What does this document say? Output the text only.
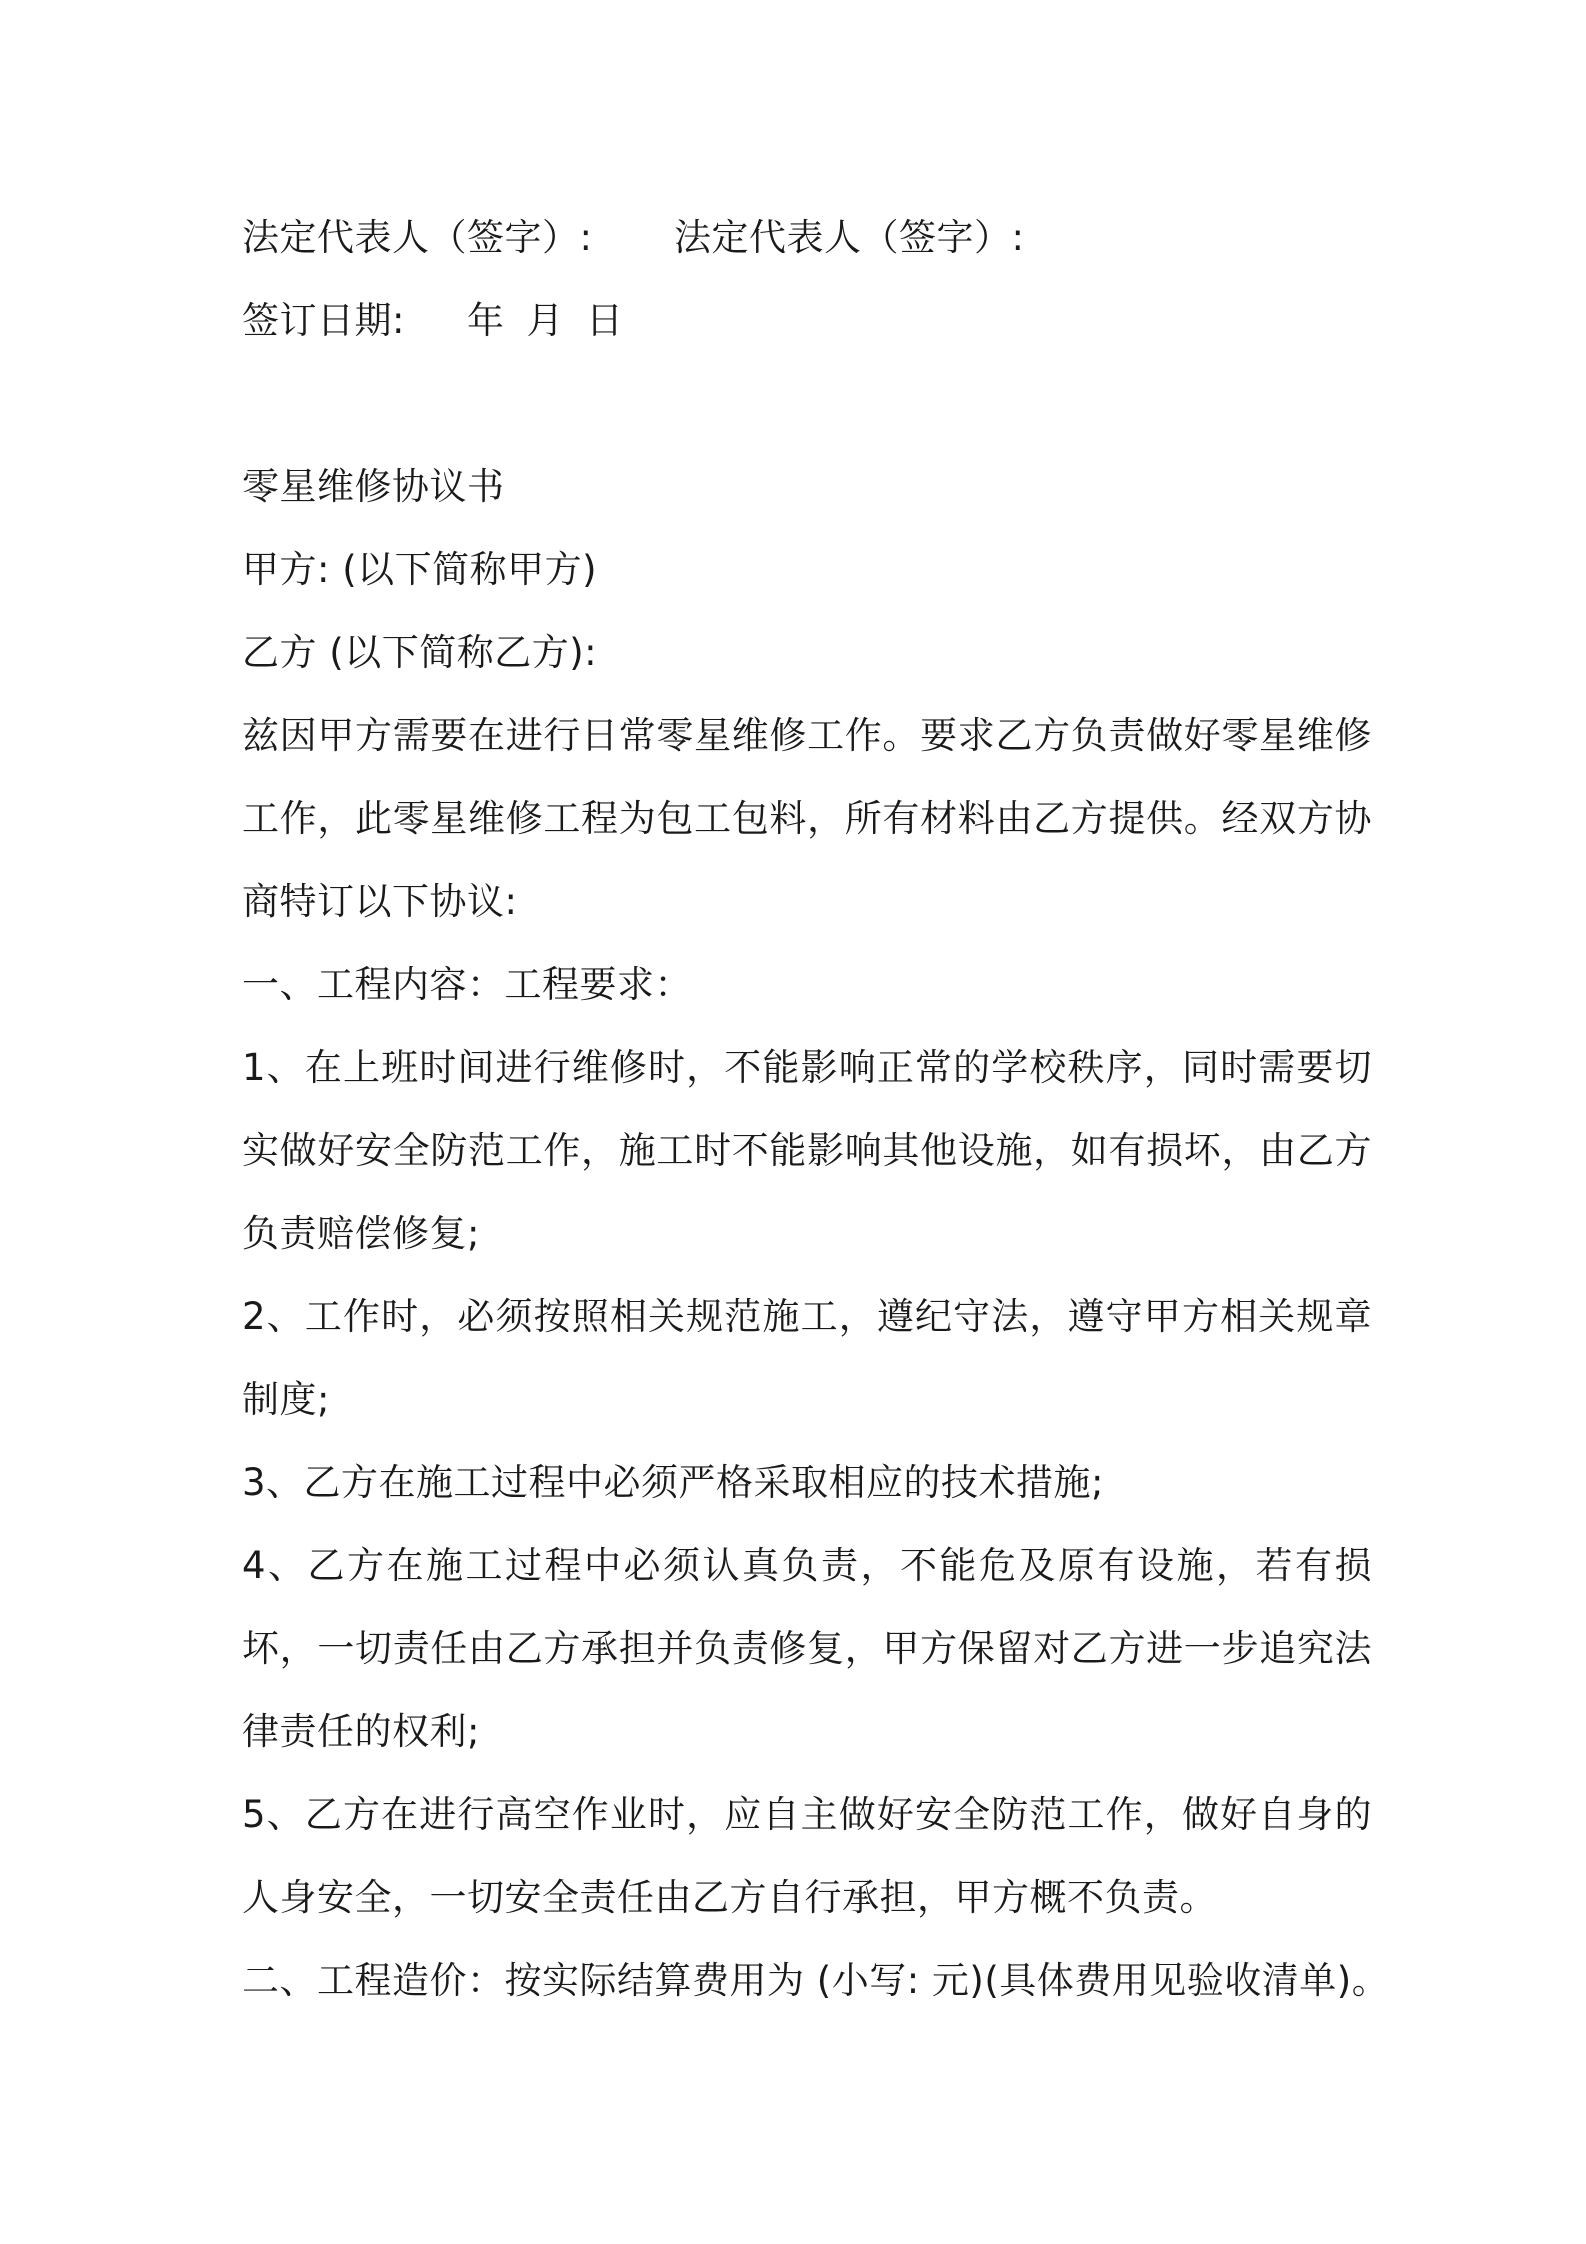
法定代表人（签字）:	法定代表人（签字）:
签订日期: 年 月 日
零星维修协议书
甲方: (以下简称甲方)
乙方 (以下简称乙方):
兹因甲方需要在进行日常零星维修工作。要求乙方负责做好零星维修工作，此零星维修工程为包工包料，所有材料由乙方提供。经双方协商特订以下协议:
一、工程内容：工程要求：
1、在上班时间进行维修时，不能影响正常的学校秩序，同时需要切实做好安全防范工作，施工时不能影响其他设施，如有损坏，由乙方负责赔偿修复;
2、工作时，必须按照相关规范施工，遵纪守法，遵守甲方相关规章制度;
3、乙方在施工过程中必须严格采取相应的技术措施;
4、乙方在施工过程中必须认真负责，不能危及原有设施，若有损坏，一切责任由乙方承担并负责修复，甲方保留对乙方进一步追究法律责任的权利;
5、乙方在进行高空作业时，应自主做好安全防范工作，做好自身的人身安全，一切安全责任由乙方自行承担，甲方概不负责。
二、工程造价：按实际结算费用为 (小写: 元)(具体费用见验收清单)。
